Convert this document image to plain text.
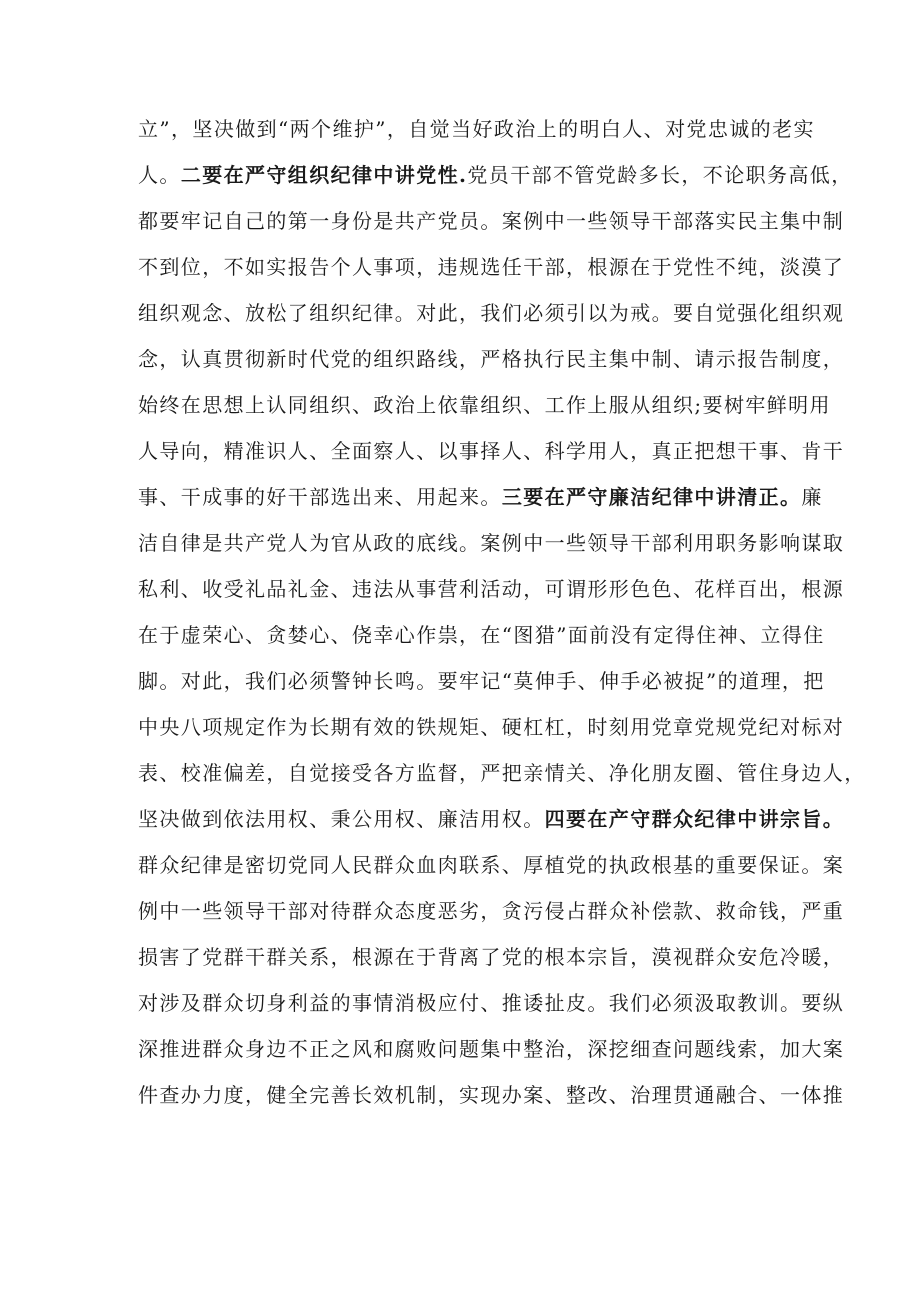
立”，坚决做到“两个维护”，自觉当好政治上的明白人、对党忠诚的老实
人。二要在严守组织纪律中讲党性.党员干部不管党龄多长，不论职务高低，
都要牢记自己的第一身份是共产党员。案例中一些领导干部落实民主集中制
不到位，不如实报告个人事项，违规选任干部，根源在于党性不纯，淡漠了
组织观念、放松了组织纪律。对此，我们必须引以为戒。要自觉强化组织观
念，认真贯彻新时代党的组织路线，严格执行民主集中制、请示报告制度，
始终在思想上认同组织、政治上依靠组织、工作上服从组织;要树牢鲜明用
人导向，精准识人、全面察人、以事择人、科学用人，真正把想干事、肯干
事、干成事的好干部选出来、用起来。三要在严守廉洁纪律中讲清正。廉
洁自律是共产党人为官从政的底线。案例中一些领导干部利用职务影响谋取
私利、收受礼品礼金、违法从事营利活动，可谓形形色色、花样百出，根源
在于虚荣心、贪婪心、侥幸心作祟，在“图猎”面前没有定得住神、立得住
脚。对此，我们必须警钟长鸣。要牢记“莫伸手、伸手必被捉”的道理，把
中央八项规定作为长期有效的铁规矩、硬杠杠，时刻用党章党规党纪对标对
表、校准偏差，自觉接受各方监督，严把亲情关、净化朋友圈、管住身边人，
坚决做到依法用权、秉公用权、廉洁用权。四要在产守群众纪律中讲宗旨。
群众纪律是密切党同人民群众血肉联系、厚植党的执政根基的重要保证。案
例中一些领导干部对待群众态度恶劣，贪污侵占群众补偿款、救命钱，严重
损害了党群干群关系，根源在于背离了党的根本宗旨，漠视群众安危冷暖，
对涉及群众切身利益的事情消极应付、推诿扯皮。我们必须汲取教训。要纵
深推进群众身边不正之风和腐败问题集中整治，深挖细查问题线索，加大案
件查办力度，健全完善长效机制，实现办案、整改、治理贯通融合、一体推
